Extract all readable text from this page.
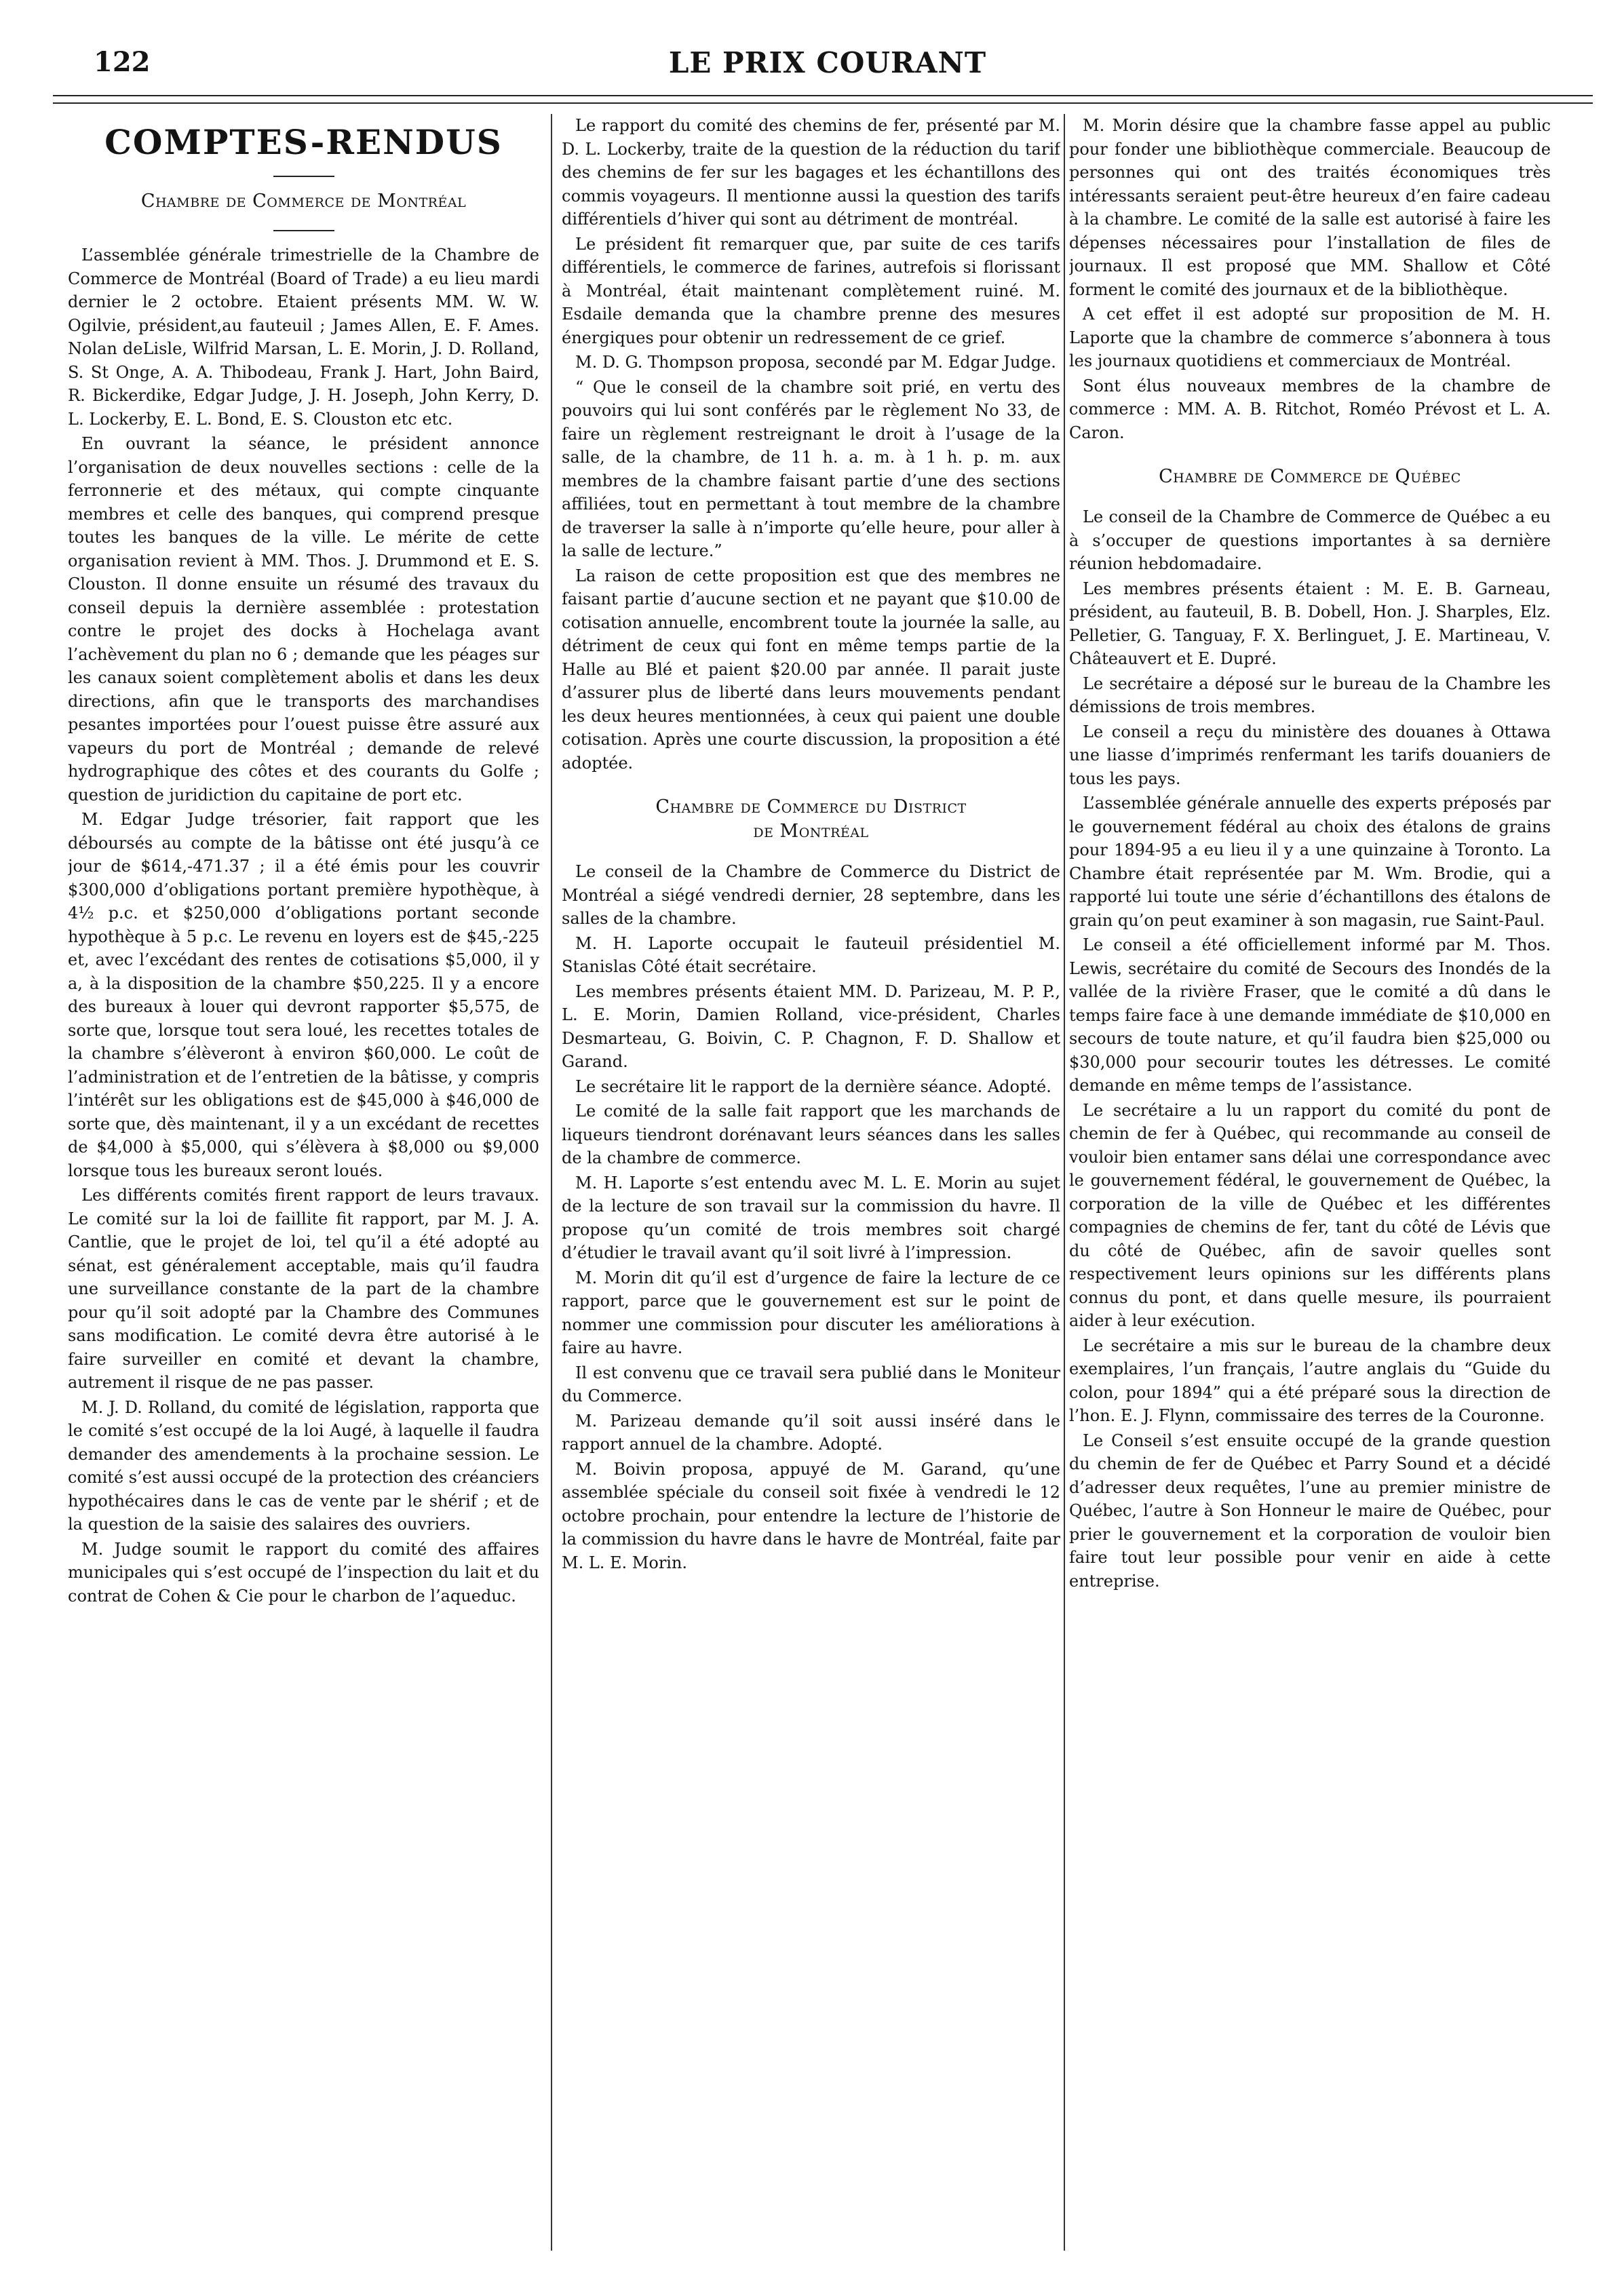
122	LE PRIX COURANT
COMPTES-RENDUS
Chambre de Commerce de Montréal

L’assemblée générale trimestrielle de la Chambre de Commerce de Montréal (Board of Trade) a eu lieu mardi dernier le 2 octobre. Etaient présents MM. W. W. Ogilvie, président,au fauteuil ; James Allen, E. F. Ames. Nolan deLisle, Wilfrid Marsan, L. E. Morin, J. D. Rolland, S. St Onge, A. A. Thibodeau, Frank J. Hart, John Baird, R. Bickerdike, Edgar Judge, J. H. Joseph, John Kerry, D. L. Lockerby, E. L. Bond, E. S. Clouston etc etc.

En ouvrant la séance, le président annonce l’organisation de deux nouvelles sections : celle de la ferronnerie et des métaux, qui compte cinquante membres et celle des banques, qui comprend presque toutes les banques de la ville. Le mérite de cette organisation revient à MM. Thos. J. Drummond et E. S. Clouston. Il donne ensuite un résumé des travaux du conseil depuis la dernière assemblée : protestation contre le projet des docks à Hochelaga avant l’achèvement du plan no 6 ; demande que les péages sur les canaux soient complètement abolis et dans les deux directions, afin que le transports des marchandises pesantes importées pour l’ouest puisse être assuré aux vapeurs du port de Montréal ; demande de relevé hydrographique des côtes et des courants du Golfe ; question de juridiction du capitaine de port etc.

M. Edgar Judge trésorier, fait rapport que les déboursés au compte de la bâtisse ont été jusqu’à ce jour de $614,-471.37 ; il a été émis pour les couvrir $300,000 d’obligations portant première hypothèque, à 4½ p.c. et $250,000 d’obligations portant seconde hypothèque à 5 p.c. Le revenu en loyers est de $45,-225 et, avec l’excédant des rentes de cotisations $5,000, il y a, à la disposition de la chambre $50,225. Il y a encore des bureaux à louer qui devront rapporter $5,575, de sorte que, lorsque tout sera loué, les recettes totales de la chambre s’élèveront à environ $60,000. Le coût de l’administration et de l’entretien de la bâtisse, y compris l’intérêt sur les obligations est de $45,000 à $46,000 de sorte que, dès maintenant, il y a un excédant de recettes de $4,000 à $5,000, qui s’élèvera à $8,000 ou $9,000 lorsque tous les bureaux seront loués.

Les différents comités firent rapport de leurs travaux. Le comité sur la loi de faillite fit rapport, par M. J. A. Cantlie, que le projet de loi, tel qu’il a été adopté au sénat, est généralement acceptable, mais qu’il faudra une surveillance constante de la part de la chambre pour qu’il soit adopté par la Chambre des Communes sans modification. Le comité devra être autorisé à le faire surveiller en comité et devant la chambre, autrement il risque de ne pas passer.

M. J. D. Rolland, du comité de législation, rapporta que le comité s’est occupé de la loi Augé, à laquelle il faudra demander des amendements à la prochaine session. Le comité s’est aussi occupé de la protection des créanciers hypothécaires dans le cas de vente par le shérif ; et de la question de la saisie des salaires des ouvriers.

M. Judge soumit le rapport du comité des affaires municipales qui s’est occupé de l’inspection du lait et du contrat de Cohen & Cie pour le charbon de l’aqueduc.

Le rapport du comité des chemins de fer, présenté par M. D. L. Lockerby, traite de la question de la réduction du tarif des chemins de fer sur les bagages et les échantillons des commis voyageurs. Il mentionne aussi la question des tarifs différentiels d’hiver qui sont au détriment de montréal.

Le président fit remarquer que, par suite de ces tarifs différentiels, le commerce de farines, autrefois si florissant à Montréal, était maintenant complètement ruiné. M. Esdaile demanda que la chambre prenne des mesures énergiques pour obtenir un redressement de ce grief.

M. D. G. Thompson proposa, secondé par M. Edgar Judge.

“ Que le conseil de la chambre soit prié, en vertu des pouvoirs qui lui sont conférés par le règlement No 33, de faire un règlement restreignant le droit à l’usage de la salle, de la chambre, de 11 h. a. m. à 1 h. p. m. aux membres de la chambre faisant partie d’une des sections affiliées, tout en permettant à tout membre de la chambre de traverser la salle à n’importe qu’elle heure, pour aller à la salle de lecture.”

La raison de cette proposition est que des membres ne faisant partie d’aucune section et ne payant que $10.00 de cotisation annuelle, encombrent toute la journée la salle, au détriment de ceux qui font en même temps partie de la Halle au Blé et paient $20.00 par année. Il parait juste d’assurer plus de liberté dans leurs mouvements pendant les deux heures mentionnées, à ceux qui paient une double cotisation. Après une courte discussion, la proposition a été adoptée.

Chambre de Commerce du District
de Montréal

Le conseil de la Chambre de Commerce du District de Montréal a siégé vendredi dernier, 28 septembre, dans les salles de la chambre.

M. H. Laporte occupait le fauteuil présidentiel M. Stanislas Côté était secrétaire.

Les membres présents étaient MM. D. Parizeau, M. P. P., L. E. Morin, Damien Rolland, vice-président, Charles Desmarteau, G. Boivin, C. P. Chagnon, F. D. Shallow et Garand.

Le secrétaire lit le rapport de la dernière séance. Adopté.

Le comité de la salle fait rapport que les marchands de liqueurs tiendront dorénavant leurs séances dans les salles de la chambre de commerce.

M. H. Laporte s’est entendu avec M. L. E. Morin au sujet de la lecture de son travail sur la commission du havre. Il propose qu’un comité de trois membres soit chargé d’étudier le travail avant qu’il soit livré à l’impression.

M. Morin dit qu’il est d’urgence de faire la lecture de ce rapport, parce que le gouvernement est sur le point de nommer une commission pour discuter les améliorations à faire au havre.

Il est convenu que ce travail sera publié dans le Moniteur du Commerce.

M. Parizeau demande qu’il soit aussi inséré dans le rapport annuel de la chambre. Adopté.

M. Boivin proposa, appuyé de M. Garand, qu’une assemblée spéciale du conseil soit fixée à vendredi le 12 octobre prochain, pour entendre la lecture de l’historie de la commission du havre dans le havre de Montréal, faite par M. L. E. Morin.

M. Morin désire que la chambre fasse appel au public pour fonder une bibliothèque commerciale. Beaucoup de personnes qui ont des traités économiques très intéressants seraient peut-être heureux d’en faire cadeau à la chambre. Le comité de la salle est autorisé à faire les dépenses nécessaires pour l’installation de files de journaux. Il est proposé que MM. Shallow et Côté forment le comité des journaux et de la bibliothèque.

A cet effet il est adopté sur proposition de M. H. Laporte que la chambre de commerce s’abonnera à tous les journaux quotidiens et commerciaux de Montréal.

Sont élus nouveaux membres de la chambre de commerce : MM. A. B. Ritchot, Roméo Prévost et L. A. Caron.

Chambre de Commerce de Québec

Le conseil de la Chambre de Commerce de Québec a eu à s’occuper de questions importantes à sa dernière réunion hebdomadaire.

Les membres présents étaient : M. E. B. Garneau, président, au fauteuil, B. B. Dobell, Hon. J. Sharples, Elz. Pelletier, G. Tanguay, F. X. Berlinguet, J. E. Martineau, V. Châteauvert et E. Dupré.

Le secrétaire a déposé sur le bureau de la Chambre les démissions de trois membres.

Le conseil a reçu du ministère des douanes à Ottawa une liasse d’imprimés renfermant les tarifs douaniers de tous les pays.

L’assemblée générale annuelle des experts préposés par le gouvernement fédéral au choix des étalons de grains pour 1894-95 a eu lieu il y a une quinzaine à Toronto. La Chambre était représentée par M. Wm. Brodie, qui a rapporté lui toute une série d’échantillons des étalons de grain qu’on peut examiner à son magasin, rue Saint-Paul.

Le conseil a été officiellement informé par M. Thos. Lewis, secrétaire du comité de Secours des Inondés de la vallée de la rivière Fraser, que le comité a dû dans le temps faire face à une demande immédiate de $10,000 en secours de toute nature, et qu’il faudra bien $25,000 ou $30,000 pour secourir toutes les détresses. Le comité demande en même temps de l’assistance.

Le secrétaire a lu un rapport du comité du pont de chemin de fer à Québec, qui recommande au conseil de vouloir bien entamer sans délai une correspondance avec le gouvernement fédéral, le gouvernement de Québec, la corporation de la ville de Québec et les différentes compagnies de chemins de fer, tant du côté de Lévis que du côté de Québec, afin de savoir quelles sont respectivement leurs opinions sur les différents plans connus du pont, et dans quelle mesure, ils pourraient aider à leur exécution.

Le secrétaire a mis sur le bureau de la chambre deux exemplaires, l’un français, l’autre anglais du “Guide du colon, pour 1894” qui a été préparé sous la direction de l’hon. E. J. Flynn, commissaire des terres de la Couronne.

Le Conseil s’est ensuite occupé de la grande question du chemin de fer de Québec et Parry Sound et a décidé d’adresser deux requêtes, l’une au premier ministre de Québec, l’autre à Son Honneur le maire de Québec, pour prier le gouvernement et la corporation de vouloir bien faire tout leur possible pour venir en aide à cette entreprise.
